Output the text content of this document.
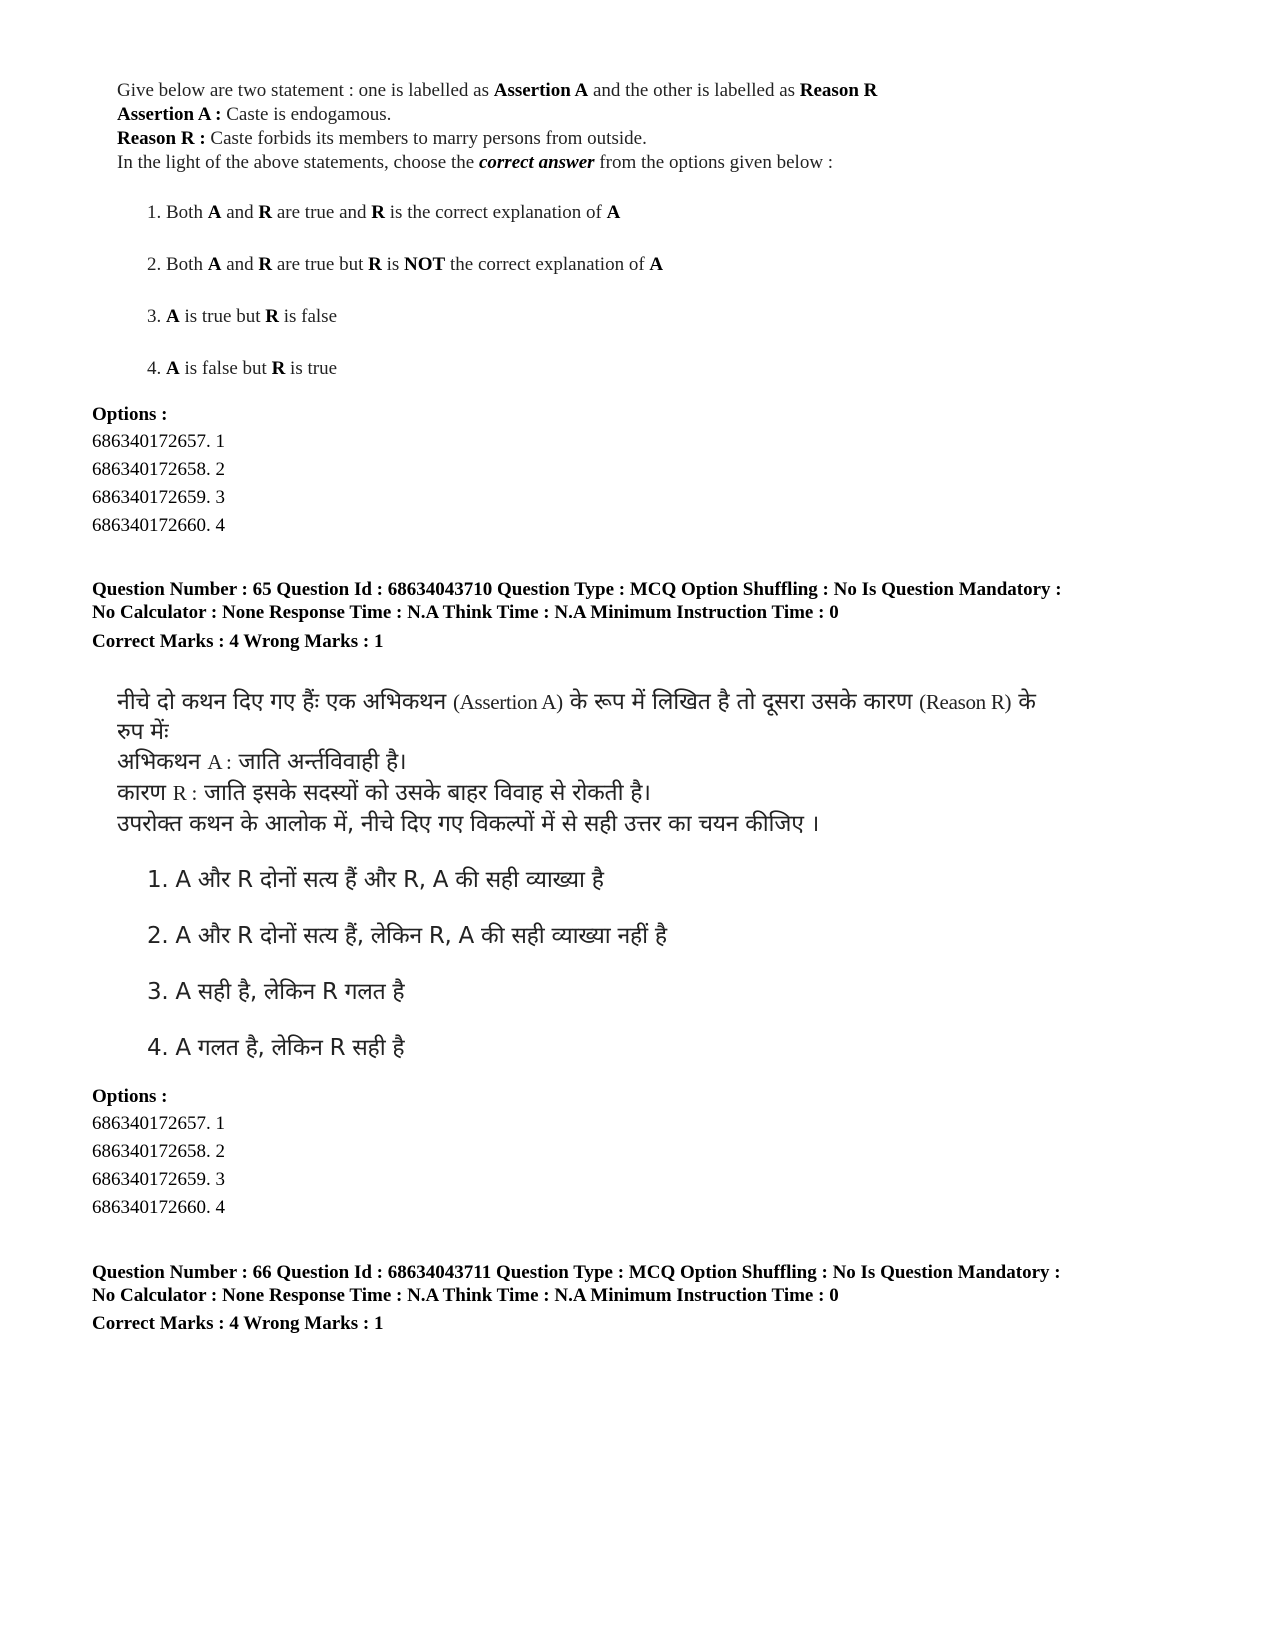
Give below are two statement : one is labelled as Assertion A and the other is labelled as Reason R
Assertion A : Caste is endogamous.
Reason R : Caste forbids its members to marry persons from outside.
In the light of the above statements, choose the correct answer from the options given below :
1. Both A and R are true and R is the correct explanation of A
2. Both A and R are true but R is NOT the correct explanation of A
3. A is true but R is false
4. A is false but R is true
Options :
686340172657. 1
686340172658. 2
686340172659. 3
686340172660. 4
Question Number : 65 Question Id : 68634043710 Question Type : MCQ Option Shuffling : No Is Question Mandatory :
No Calculator : None Response Time : N.A Think Time : N.A Minimum Instruction Time : 0
Correct Marks : 4 Wrong Marks : 1
नीचे दो कथन दिए गए हैंः एक अभिकथन (Assertion A) के रूप में लिखित है तो दूसरा उसके कारण (Reason R) के
रुप मेंः
अभिकथन A : जाति अर्न्तविवाही है।
कारण R : जाति इसके सदस्यों को उसके बाहर विवाह से रोकती है।
उपरोक्त कथन के आलोक में, नीचे दिए गए विकल्पों में से सही उत्तर का चयन कीजिए ।
1. A और R दोनों सत्य हैं और R, A की सही व्याख्या है
2. A और R दोनों सत्य हैं, लेकिन R, A की सही व्याख्या नहीं है
3. A सही है, लेकिन R गलत है
4. A गलत है, लेकिन R सही है
Options :
686340172657. 1
686340172658. 2
686340172659. 3
686340172660. 4
Question Number : 66 Question Id : 68634043711 Question Type : MCQ Option Shuffling : No Is Question Mandatory :
No Calculator : None Response Time : N.A Think Time : N.A Minimum Instruction Time : 0
Correct Marks : 4 Wrong Marks : 1
